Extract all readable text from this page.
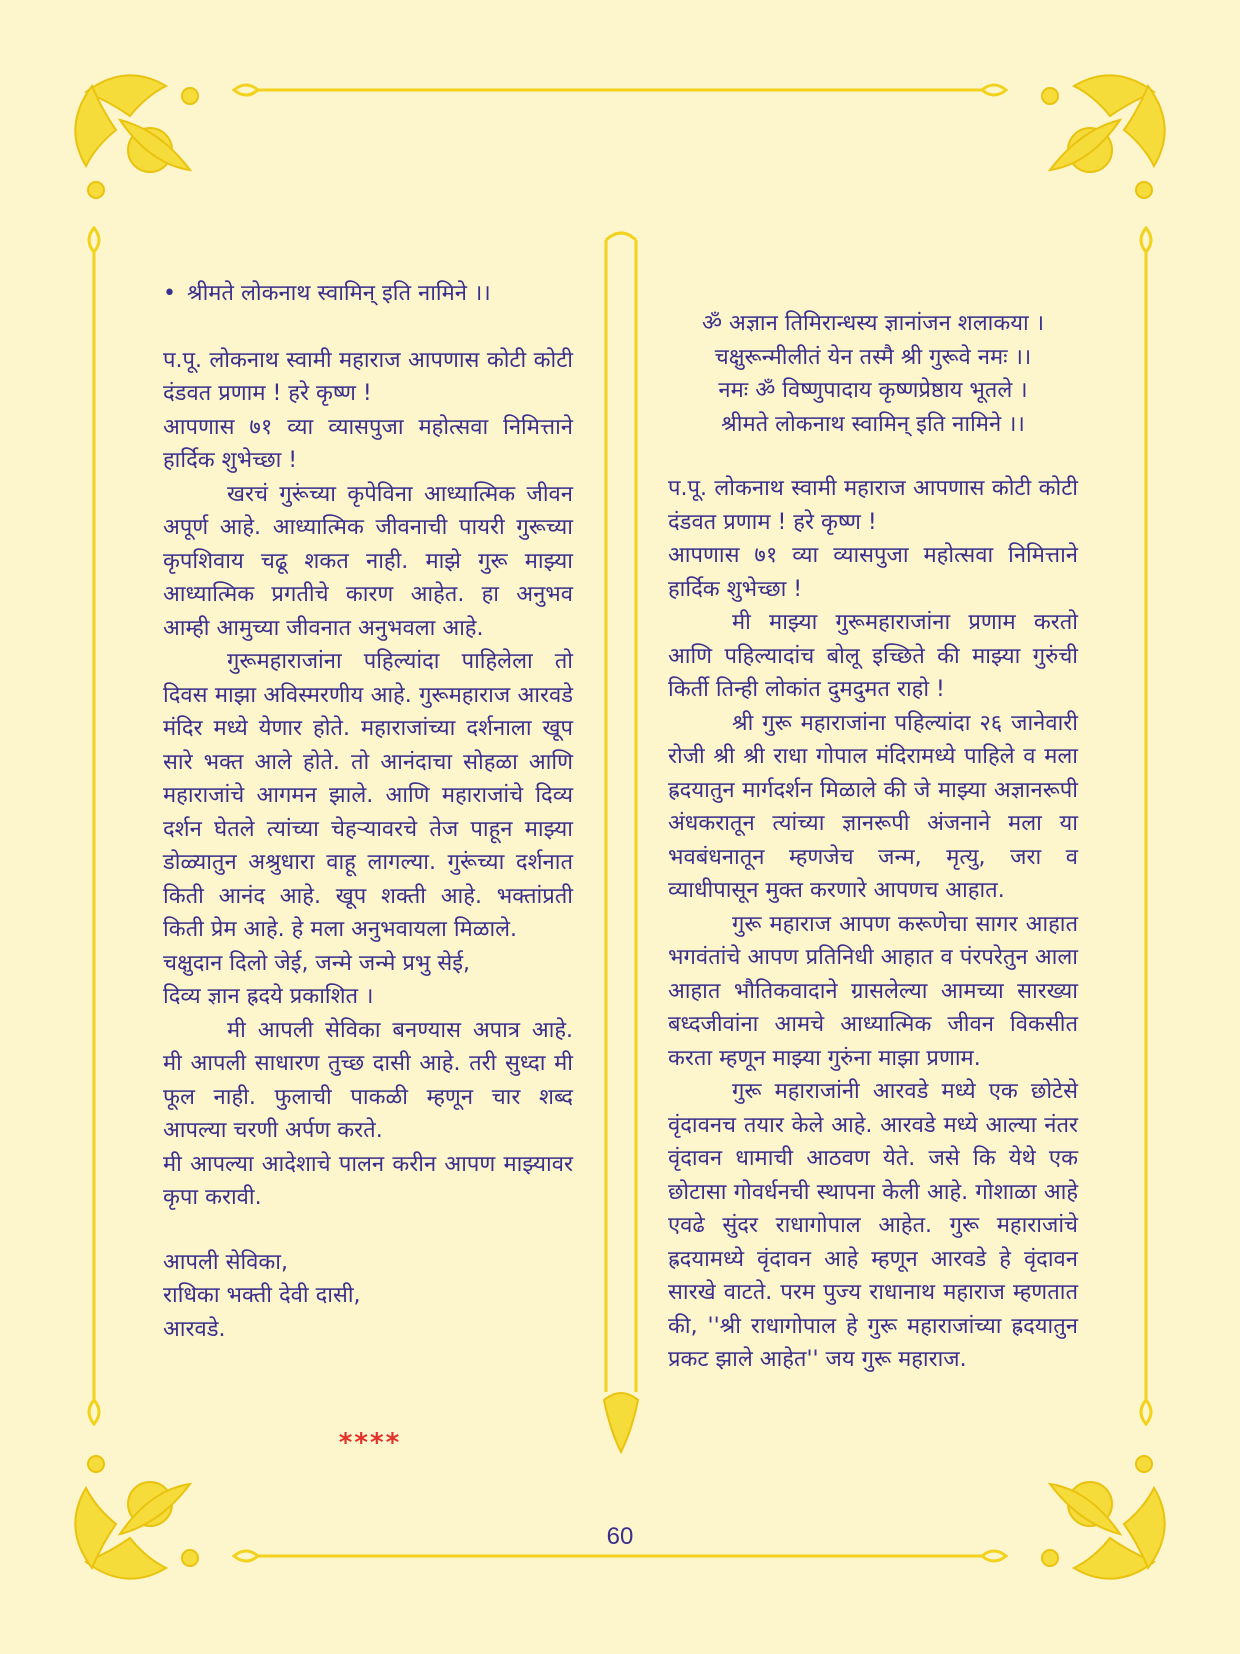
• श्रीमते लोकनाथ स्वामिन् इति नामिने ।।

प.पू. लोकनाथ स्वामी महाराज आपणास कोटी कोटी दंडवत प्रणाम ! हरे कृष्ण !

आपणास ७१ व्या व्यासपुजा महोत्सवा निमित्ताने हार्दिक शुभेच्छा !

खरचं गुरूंच्या कृपेविना आध्यात्मिक जीवन अपूर्ण आहे. आध्यात्मिक जीवनाची पायरी गुरूच्या कृपशिवाय चढू शकत नाही. माझे गुरू माझ्या आध्यात्मिक प्रगतीचे कारण आहेत. हा अनुभव आम्ही आमुच्या जीवनात अनुभवला आहे.

गुरूमहाराजांना पहिल्यांदा पाहिलेला तो दिवस माझा अविस्मरणीय आहे. गुरूमहाराज आरवडे मंदिर मध्ये येणार होते. महाराजांच्या दर्शनाला खूप सारे भक्त आले होते. तो आनंदाचा सोहळा आणि महाराजांचे आगमन झाले. आणि महाराजांचे दिव्य दर्शन घेतले त्यांच्या चेहऱ्यावरचे तेज पाहून माझ्या डोळ्यातुन अश्रुधारा वाहू लागल्या. गुरूंच्या दर्शनात किती आनंद आहे. खूप शक्ती आहे. भक्तांप्रती किती प्रेम आहे. हे मला अनुभवायला मिळाले.

चक्षुदान दिलो जेई, जन्मे जन्मे प्रभु सेई,

दिव्य ज्ञान ह्रदये प्रकाशित ।

मी आपली सेविका बनण्यास अपात्र आहे. मी आपली साधारण तुच्छ दासी आहे. तरी सुध्दा मी फूल नाही. फुलाची पाकळी म्हणून चार शब्द आपल्या चरणी अर्पण करते.

मी आपल्या आदेशाचे पालन करीन आपण माझ्यावर कृपा करावी.

आपली सेविका,

राधिका भक्ती देवी दासी,

आरवडे.

****

ॐ अज्ञान तिमिरान्धस्य ज्ञानांजन शलाकया ।

चक्षुरून्मीलीतं येन तस्मै श्री गुरूवे नमः ।।

नमः ॐ विष्णुपादाय कृष्णप्रेष्ठाय भूतले ।

श्रीमते लोकनाथ स्वामिन् इति नामिने ।।

प.पू. लोकनाथ स्वामी महाराज आपणास कोटी कोटी दंडवत प्रणाम ! हरे कृष्ण !

आपणास ७१ व्या व्यासपुजा महोत्सवा निमित्ताने हार्दिक शुभेच्छा !

मी माझ्या गुरूमहाराजांना प्रणाम करतो आणि पहिल्यादांच बोलू इच्छिते की माझ्या गुरुंची किर्ती तिन्ही लोकांत दुमदुमत राहो !

श्री गुरू महाराजांना पहिल्यांदा २६ जानेवारी रोजी श्री श्री राधा गोपाल मंदिरामध्ये पाहिले व मला ह्रदयातुन मार्गदर्शन मिळाले की जे माझ्या अज्ञानरूपी अंधकरातून त्यांच्या ज्ञानरूपी अंजनाने मला या भवबंधनातून म्हणजेच जन्म, मृत्यु, जरा व व्याधीपासून मुक्त करणारे आपणच आहात.

गुरू महाराज आपण करूणेचा सागर आहात भगवंतांचे आपण प्रतिनिधी आहात व पंरपरेतुन आला आहात भौतिकवादाने ग्रासलेल्या आमच्या सारख्या बध्दजीवांना आमचे आध्यात्मिक जीवन विकसीत करता म्हणून माझ्या गुरुंना माझा प्रणाम.

गुरू महाराजांनी आरवडे मध्ये एक छोटेसे वृंदावनच तयार केले आहे. आरवडे मध्ये आल्या नंतर वृंदावन धामाची आठवण येते. जसे कि येथे एक छोटासा गोवर्धनची स्थापना केली आहे. गोशाळा आहे एवढे सुंदर राधागोपाल आहेत. गुरू महाराजांचे ह्रदयामध्ये वृंदावन आहे म्हणून आरवडे हे वृंदावन सारखे वाटते. परम पुज्य राधानाथ महाराज म्हणतात की, ''श्री राधागोपाल हे गुरू महाराजांच्या ह्रदयातुन प्रकट झाले आहेत'' जय गुरू महाराज.

60
